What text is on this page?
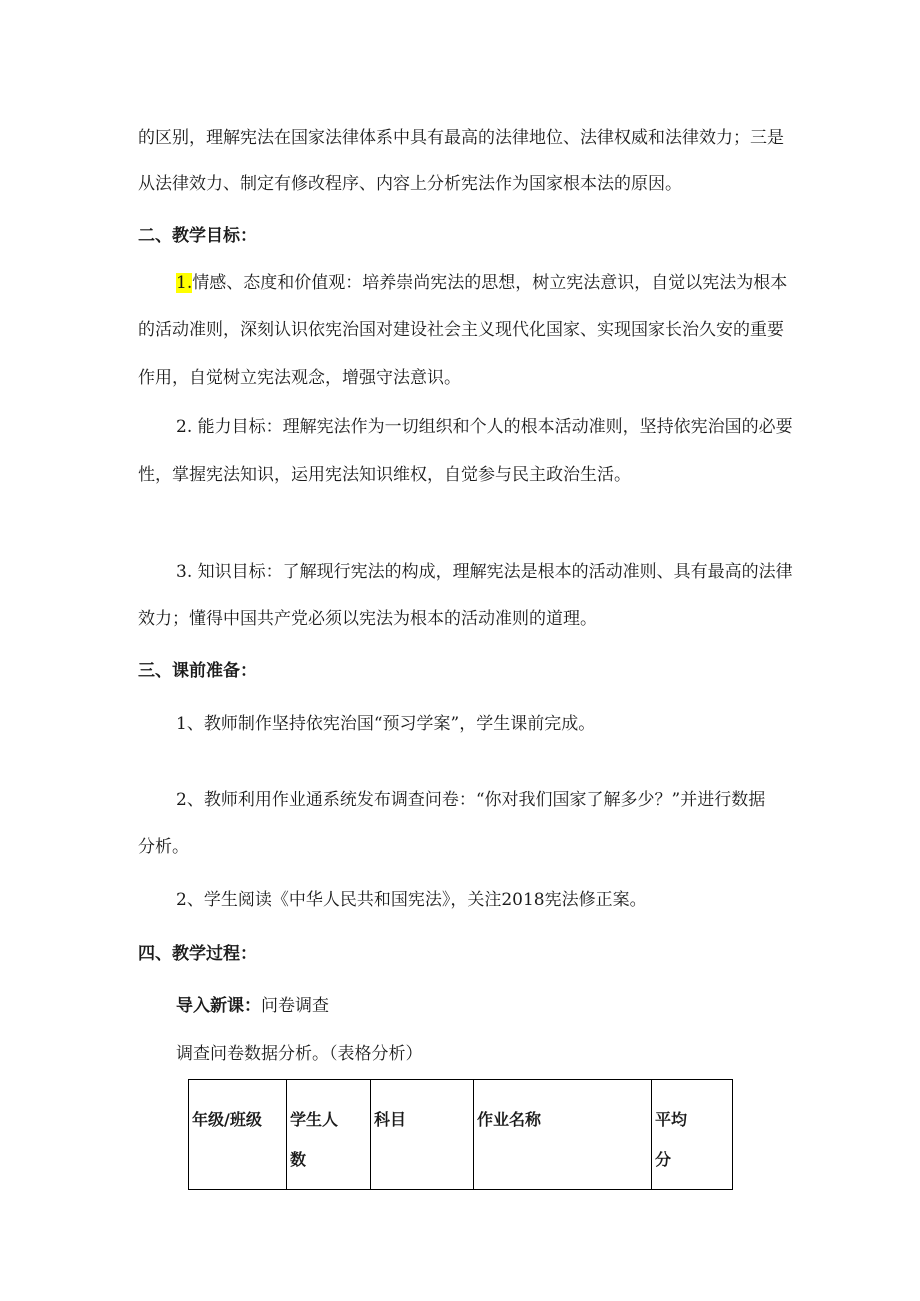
的区别，理解宪法在国家法律体系中具有最高的法律地位、法律权威和法律效力；三是
从法律效力、制定有修改程序、内容上分析宪法作为国家根本法的原因。
二、教学目标：
1.情感、态度和价值观：培养崇尚宪法的思想，树立宪法意识，自觉以宪法为根本
的活动准则，深刻认识依宪治国对建设社会主义现代化国家、实现国家长治久安的重要
作用，自觉树立宪法观念，增强守法意识。
2. 能力目标：理解宪法作为一切组织和个人的根本活动准则，坚持依宪治国的必要
性，掌握宪法知识，运用宪法知识维权，自觉参与民主政治生活。
3. 知识目标：了解现行宪法的构成，理解宪法是根本的活动准则、具有最高的法律
效力；懂得中国共产党必须以宪法为根本的活动准则的道理。
三、课前准备：
1、教师制作坚持依宪治国“预习学案”，学生课前完成。
2、教师利用作业通系统发布调查问卷：“你对我们国家了解多少？”并进行数据
分析。
2、学生阅读《中华人民共和国宪法》，关注2018宪法修正案。
四、教学过程：
导入新课：问卷调查
调查问卷数据分析。（表格分析）
年级/班级	学生人数	科目	作业名称	平均分
